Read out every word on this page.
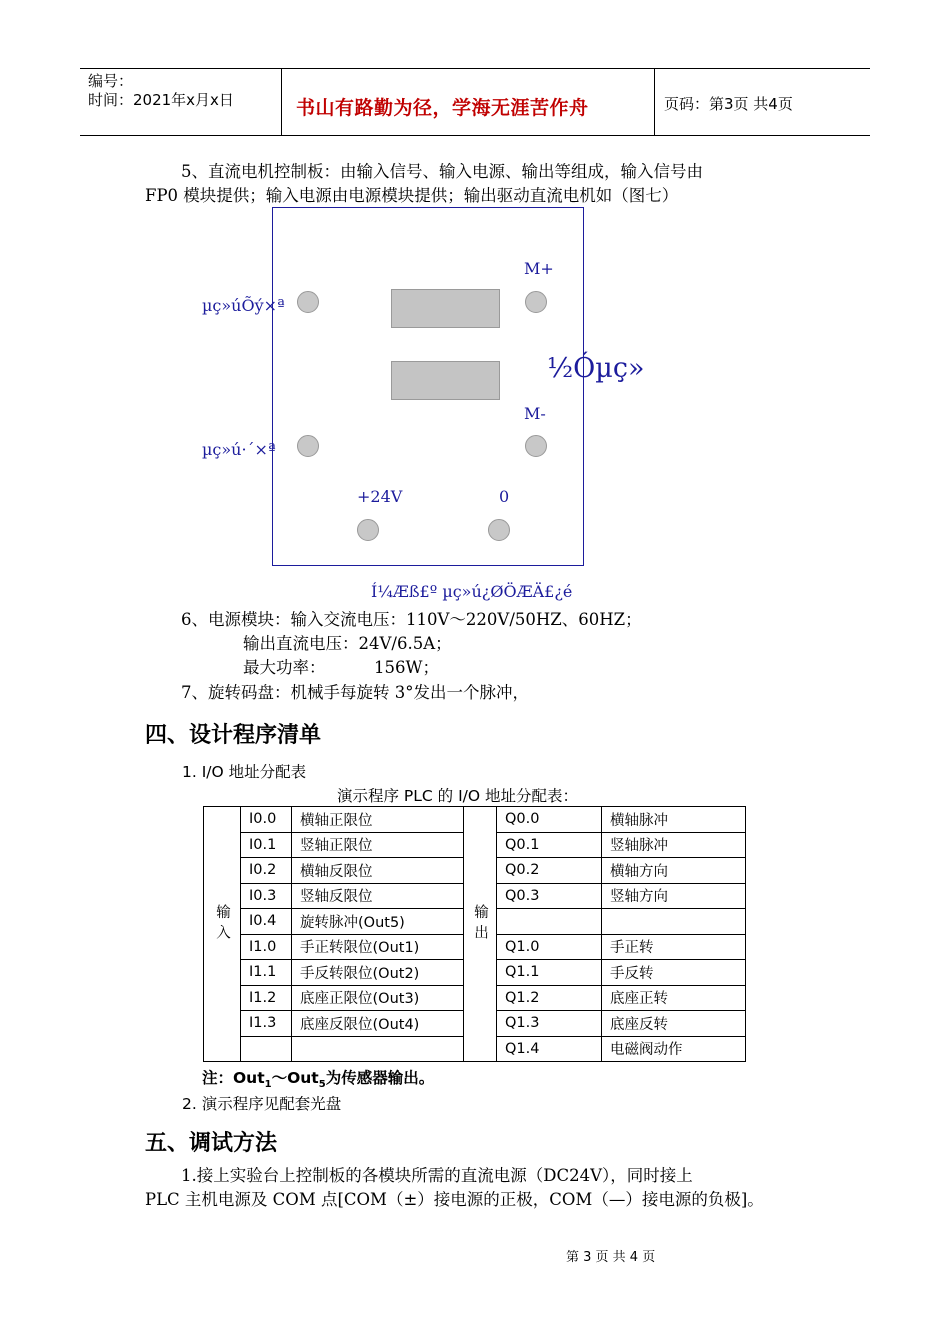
编号：
时间：2021年x月x日	书山有路勤为径，学海无涯苦作舟	页码：第3页 共4页
5、直流电机控制板：由输入信号、输入电源、输出等组成，输入信号由
FP0 模块提供；输入电源由电源模块提供；输出驱动直流电机如（图七）
µç»úÕý×ª
µç»ú·´×ª
M+
M-
½Óµç»
+24V	0
Í¼Æß£º µç»ú¿ØÖÆÄ£¿é
6、电源模块：输入交流电压：110V～220V/50HZ、60HZ；
输出直流电压：24V/6.5A；
最大功率：	156W；
7、旋转码盘：机械手每旋转 3°发出一个脉冲，
四、设计程序清单
1. I/O 地址分配表
演示程序 PLC 的 I/O 地址分配表：
输入	I0.0	横轴正限位	输出	Q0.0	横轴脉冲
	I0.1	竖轴正限位		Q0.1	竖轴脉冲
	I0.2	横轴反限位		Q0.2	横轴方向
	I0.3	竖轴反限位		Q0.3	竖轴方向
	I0.4	旋转脉冲(Out5)			
	I1.0	手正转限位(Out1)		Q1.0	手正转
	I1.1	手反转限位(Out2)		Q1.1	手反转
	I1.2	底座正限位(Out3)		Q1.2	底座正转
	I1.3	底座反限位(Out4)		Q1.3	底座反转
				Q1.4	电磁阀动作
注：Out$_1$～Out$_5$为传感器输出。
2. 演示程序见配套光盘
五、调试方法
1.接上实验台上控制板的各模块所需的直流电源（DC24V），同时接上
PLC 主机电源及 COM 点[COM（±）接电源的正极，COM（—）接电源的负极]。
第 3 页 共 4 页
